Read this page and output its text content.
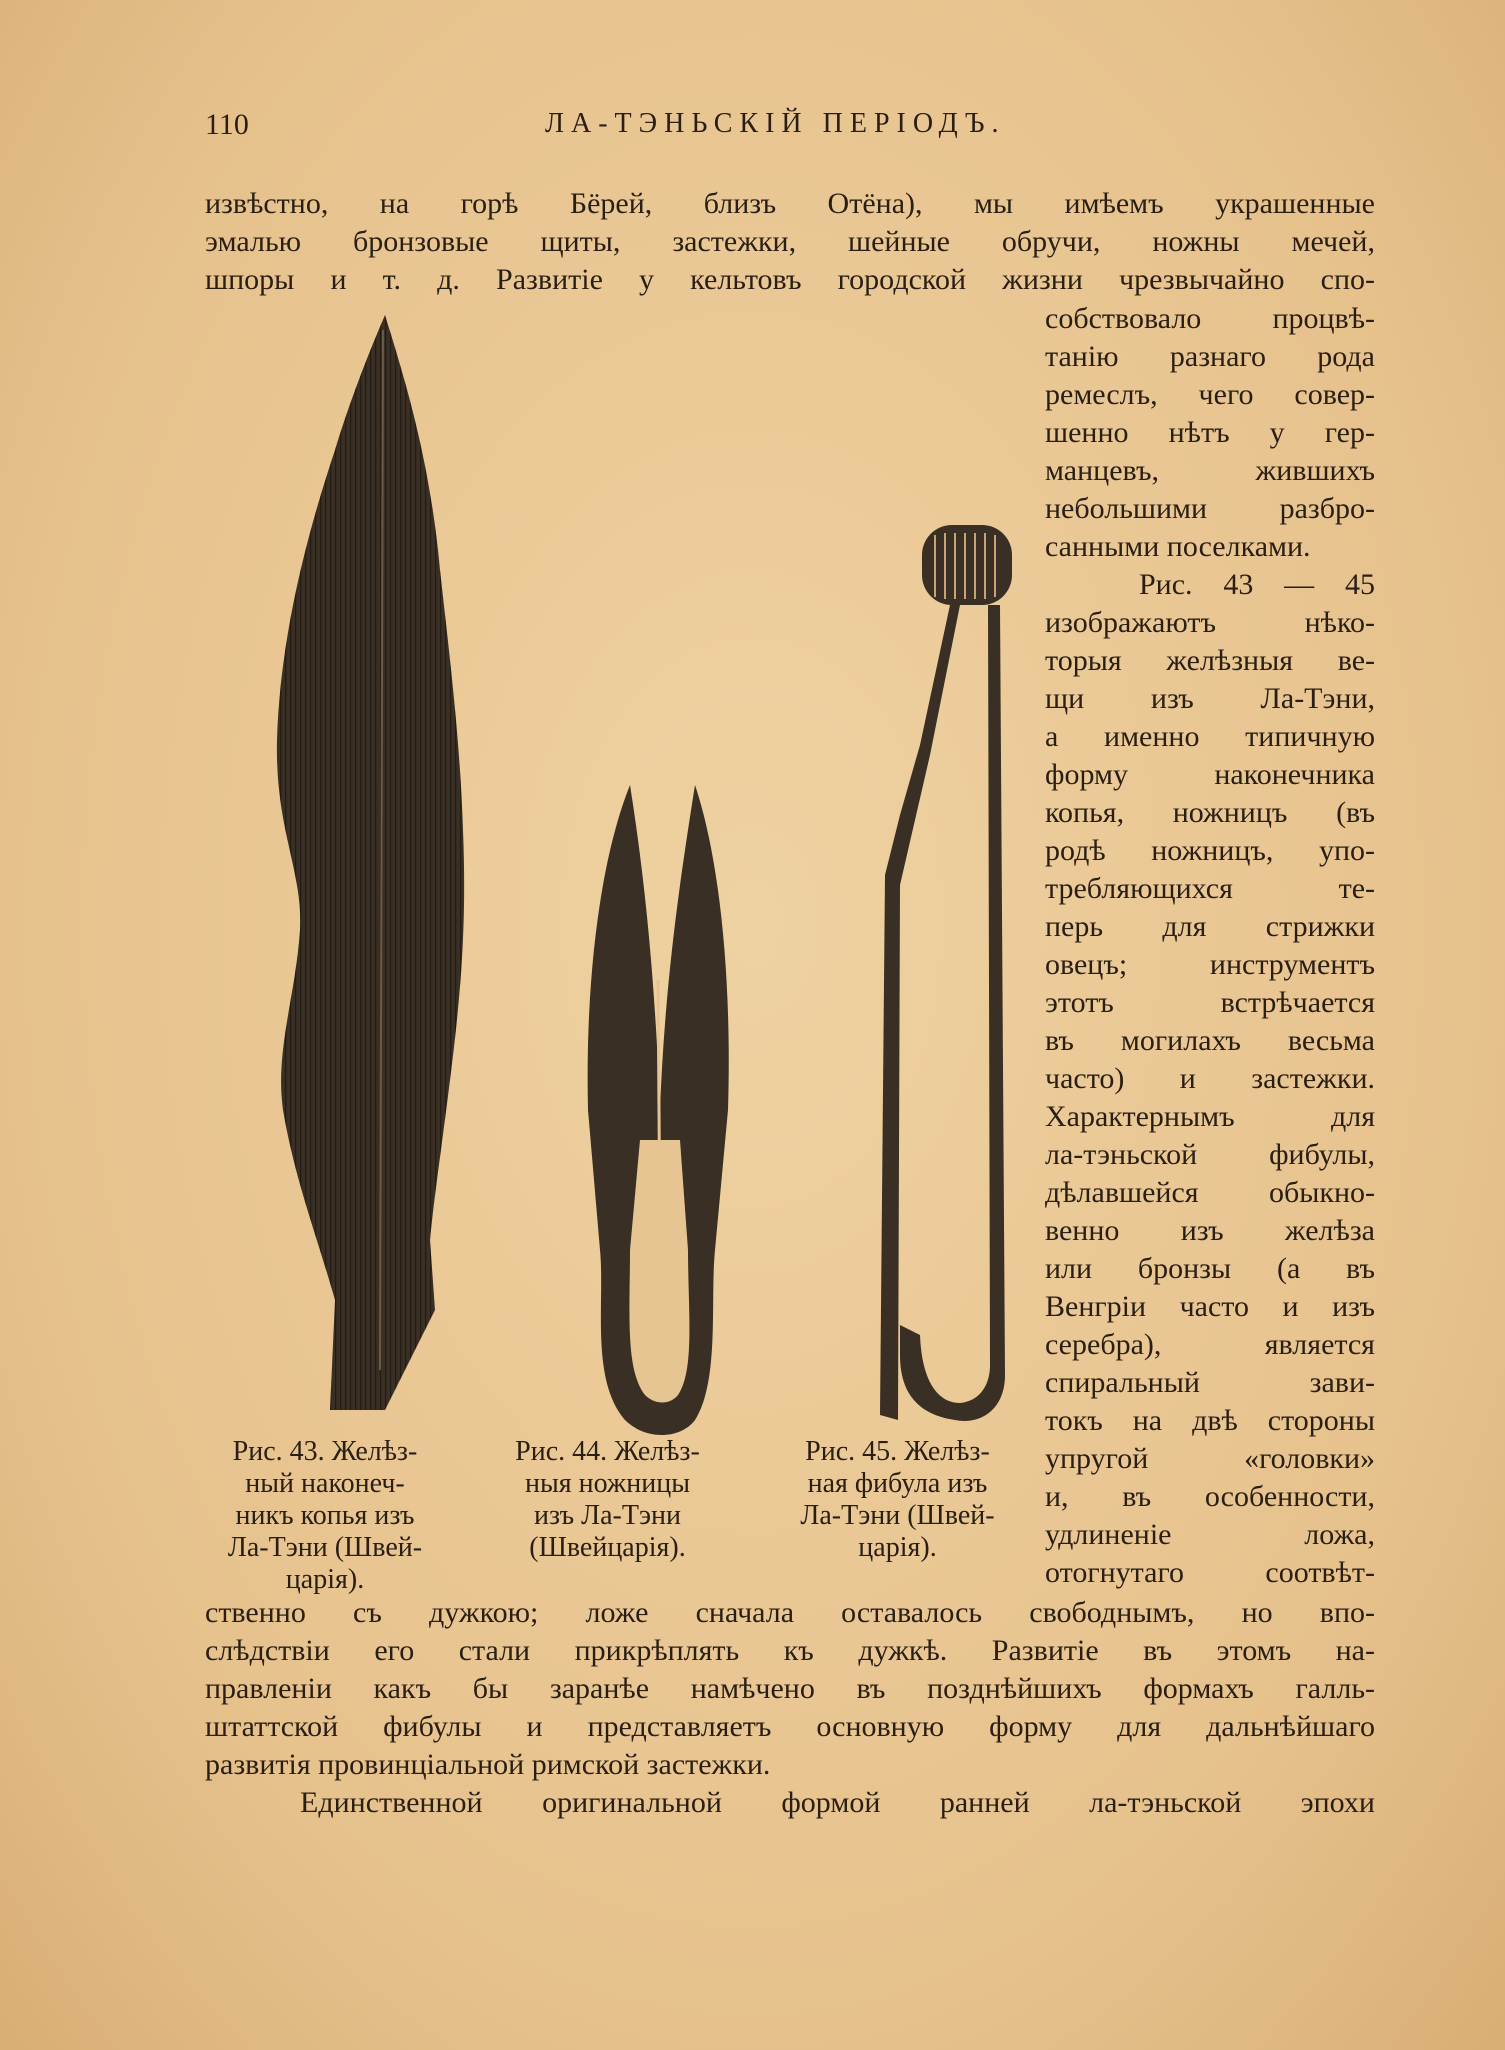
110	ЛА-ТЭНЬСКІЙ ПЕРІОДЪ.
извѣстно, на горѣ Бёрей, близъ Отёна), мы имѣемъ украшенные
эмалью бронзовые щиты, застежки, шейные обручи, ножны мечей,
шпоры и т. д. Развитіе у кельтовъ городской жизни чрезвычайно спо-
собствовало процвѣ-
танію разнаго рода
ремеслъ, чего совер-
шенно нѣтъ у гер-
манцевъ, жившихъ
небольшими разбро-
санными поселками.
Рис. 43 — 45
изображаютъ нѣко-
торыя желѣзныя ве-
щи изъ Ла-Тэни,
а именно типичную
форму наконечника
копья, ножницъ (въ
родѣ ножницъ, упо-
требляющихся те-
перь для стрижки
овецъ; инструментъ
этотъ встрѣчается
въ могилахъ весьма
часто) и застежки.
Характернымъ для
ла-тэньской фибулы,
дѣлавшейся обыкно-
венно изъ желѣза
или бронзы (а въ
Венгріи часто и изъ
серебра), является
спиральный зави-
токъ на двѣ стороны
упругой «головки»
и, въ особенности,
удлиненіе ложа,
отогнутаго соотвѣт-
ственно съ дужкою; ложе сначала оставалось свободнымъ, но впо-
слѣдствіи его стали прикрѣплять къ дужкѣ. Развитіе въ этомъ на-
правленіи какъ бы заранѣе намѣчено въ позднѣйшихъ формахъ галль-
штаттской фибулы и представляетъ основную форму для дальнѣйшаго
развитія провинціальной римской застежки.
Единственной оригинальной формой ранней ла-тэньской эпохи
Рис. 43. Желѣз-
ный наконеч-
никъ копья изъ
Ла-Тэни (Швей-
царія).
Рис. 44. Желѣз-
ныя ножницы
изъ Ла-Тэни
(Швейцарія).
Рис. 45. Желѣз-
ная фибула изъ
Ла-Тэни (Швей-
царія).
